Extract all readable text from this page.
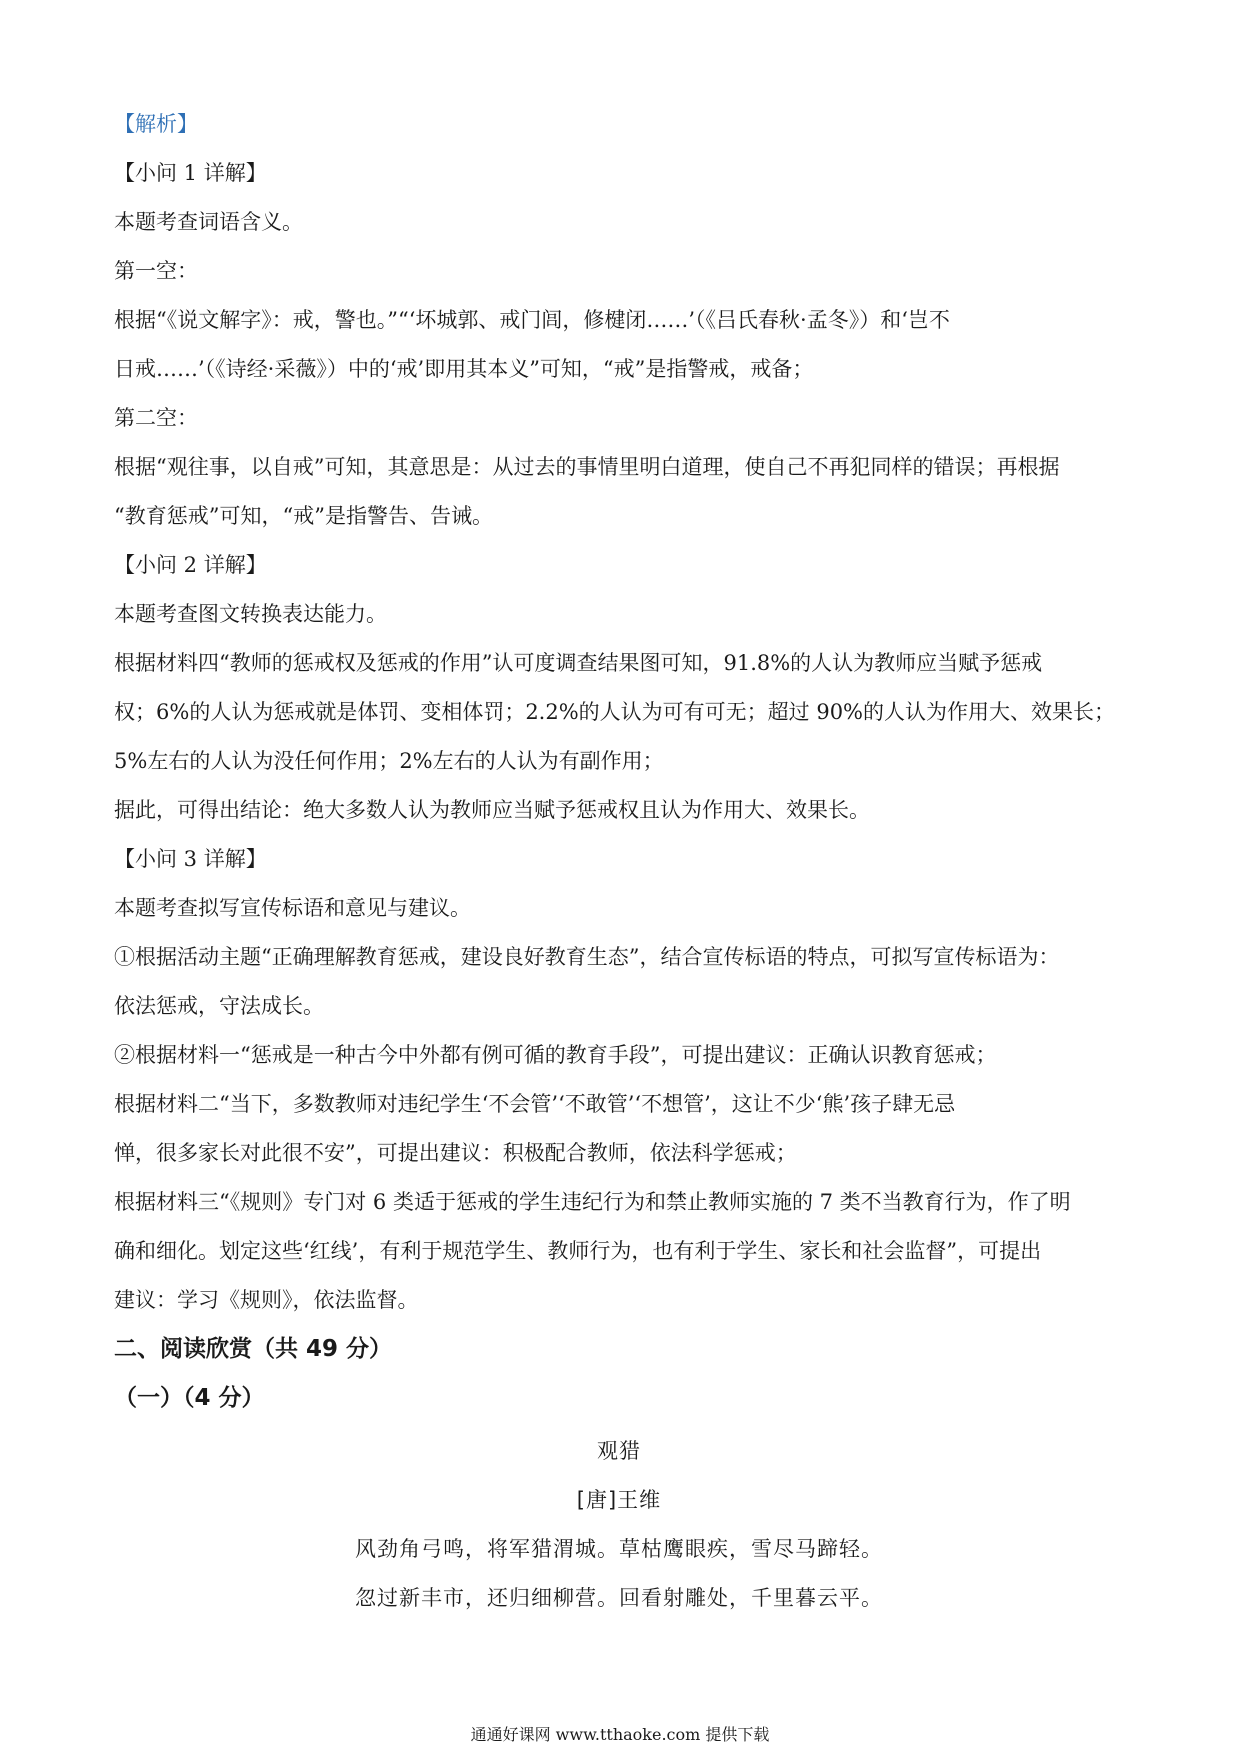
【解析】

【小问 1 详解】

本题考查词语含义。

第一空：

根据“《说文解字》：戒，警也。”“‘坏城郭、戒门闾，修楗闭……’（《吕氏春秋·孟冬》）和‘岂不

日戒……’（《诗经·采薇》）中的‘戒’即用其本义”可知，“戒”是指警戒，戒备；

第二空：

根据“观往事，以自戒”可知，其意思是：从过去的事情里明白道理，使自己不再犯同样的错误；再根据

“教育惩戒”可知，“戒”是指警告、告诫。

【小问 2 详解】

本题考查图文转换表达能力。

根据材料四“教师的惩戒权及惩戒的作用”认可度调查结果图可知，91.8%的人认为教师应当赋予惩戒

权；6%的人认为惩戒就是体罚、变相体罚；2.2%的人认为可有可无；超过 90%的人认为作用大、效果长；

5%左右的人认为没任何作用；2%左右的人认为有副作用；

据此，可得出结论：绝大多数人认为教师应当赋予惩戒权且认为作用大、效果长。

【小问 3 详解】

本题考查拟写宣传标语和意见与建议。

①根据活动主题“正确理解教育惩戒，建设良好教育生态”，结合宣传标语的特点，可拟写宣传标语为：

依法惩戒，守法成长。

②根据材料一“惩戒是一种古今中外都有例可循的教育手段”，可提出建议：正确认识教育惩戒；

根据材料二“当下，多数教师对违纪学生‘不会管’‘不敢管’‘不想管’，这让不少‘熊’孩子肆无忌

惮，很多家长对此很不安”，可提出建议：积极配合教师，依法科学惩戒；

根据材料三“《规则》专门对 6 类适于惩戒的学生违纪行为和禁止教师实施的 7 类不当教育行为，作了明

确和细化。划定这些‘红线’，有利于规范学生、教师行为，也有利于学生、家长和社会监督”，可提出

建议：学习《规则》，依法监督。

二、阅读欣赏（共 49 分）
（一）（4 分）
观猎
[唐]王维
风劲角弓鸣，将军猎渭城。草枯鹰眼疾，雪尽马蹄轻。
忽过新丰市，还归细柳营。回看射雕处，千里暮云平。
通通好课网 www.tthaoke.com 提供下载
